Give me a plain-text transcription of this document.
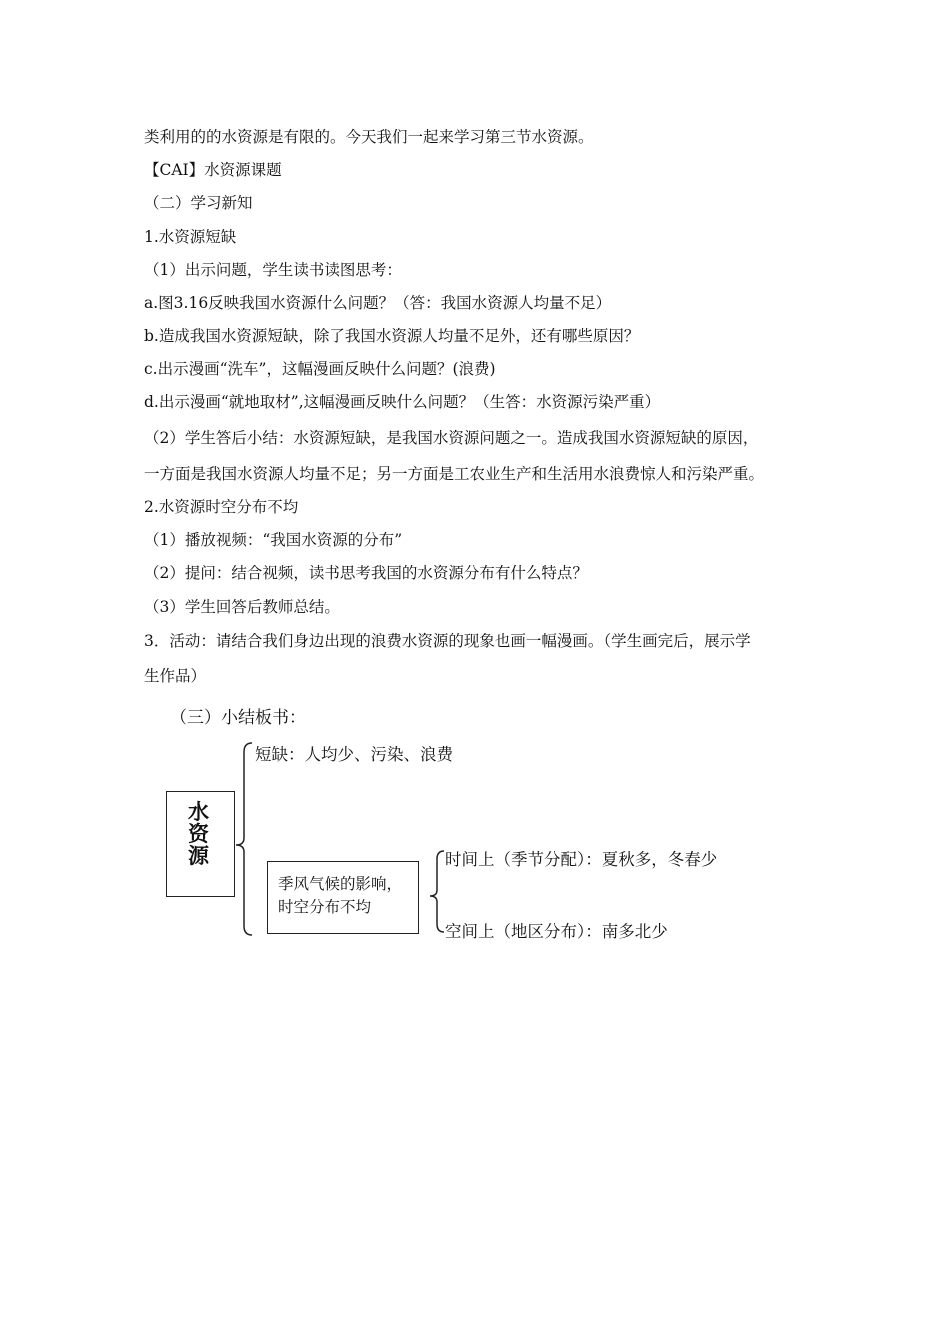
类利用的的水资源是有限的。今天我们一起来学习第三节水资源。
【CAI】水资源课题
（二）学习新知
1.水资源短缺
（1）出示问题，学生读书读图思考：
a.图3.16反映我国水资源什么问题？（答：我国水资源人均量不足）
b.造成我国水资源短缺，除了我国水资源人均量不足外，还有哪些原因？
c.出示漫画“洗车”，这幅漫画反映什么问题？(浪费)
d.出示漫画“就地取材”,这幅漫画反映什么问题？（生答：水资源污染严重）
（2）学生答后小结：水资源短缺，是我国水资源问题之一。造成我国水资源短缺的原因，
一方面是我国水资源人均量不足；另一方面是工农业生产和生活用水浪费惊人和污染严重。
2.水资源时空分布不均
（1）播放视频：“我国水资源的分布”
（2）提问：结合视频，读书思考我国的水资源分布有什么特点？
（3）学生回答后教师总结。
3．活动：请结合我们身边出现的浪费水资源的现象也画一幅漫画。（学生画完后，展示学
生作品）
（三）小结板书：
水
资
源
短缺：人均少、污染、浪费
季风气候的影响，
时空分布不均
时间上（季节分配）：夏秋多，冬春少
空间上（地区分布）：南多北少
